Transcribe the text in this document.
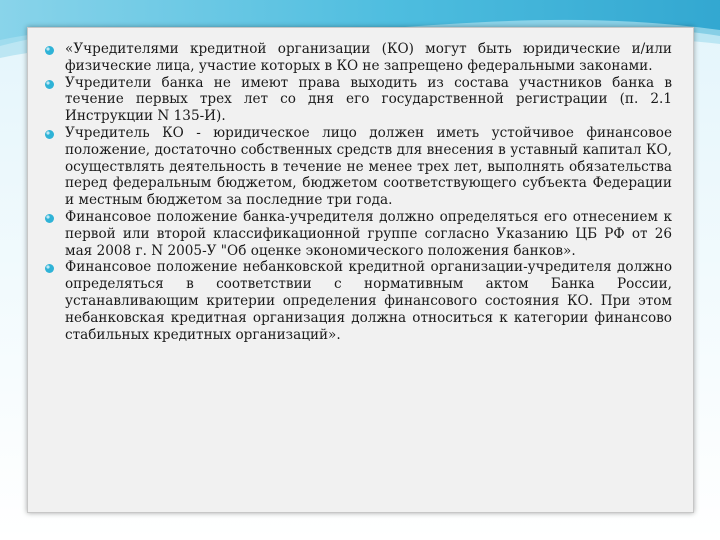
«Учредителями кредитной организации (КО) могут быть юридические и/или физические лица, участие которых в КО не запрещено федеральными законами.

Учредители банка не имеют права выходить из состава участников банка в течение первых трех лет со дня его государственной регистрации (п. 2.1 Инструкции N 135-И).

Учредитель КО - юридическое лицо должен иметь устойчивое финансовое положение, достаточно собственных средств для внесения в уставный капитал КО, осуществлять деятельность в течение не менее трех лет, выполнять обязательства перед федеральным бюджетом, бюджетом соответствующего субъекта Федерации и местным бюджетом за последние три года.

Финансовое положение банка-учредителя должно определяться его отнесением к первой или второй классификационной группе согласно Указанию ЦБ РФ от 26 мая 2008 г. N 2005-У "Об оценке экономического положения банков».

Финансовое положение небанковской кредитной организации-учредителя должно определяться в соответствии с нормативным актом Банка России, устанавливающим критерии определения финансового состояния КО. При этом небанковская кредитная организация должна относиться к категории финансово стабильных кредитных организаций».
